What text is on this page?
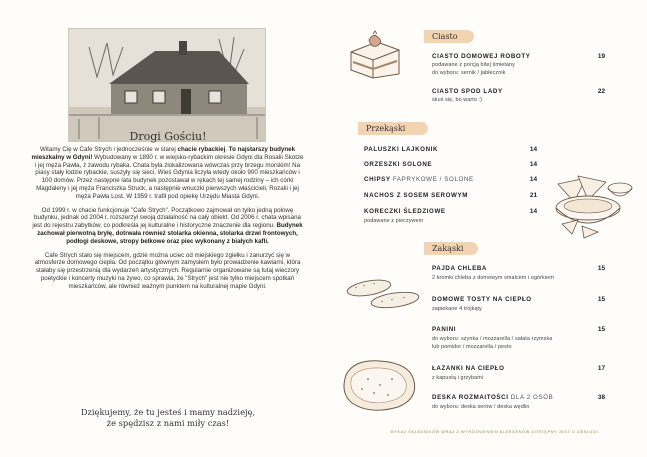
Drogi Gościu!

Witamy Cię w Cafe Strych i jednocześnie w starej chacie rybackiej. To najstarszy budynek mieszkalny w Gdyni! Wybudowany w 1890 r. w wiejsko-rybackim okresie Gdyni dla Rosalii Skotze i jej męża Pawła, z zawodu rybaka. Chata była zlokalizowana wówczas przy brzegu morskim! Na piasy stały łodzie rybackie, suszyły się sieci. Wieś Gdynia liczyła wtedy około 900 mieszkańców i 100 domów. Przez następne lata budynek pozostawał w rękach tej samej rodziny – ich córki Magdaleny i jej męża Franciszka Struck, a następnie wnuczki pierwszych właścicieli, Rozalii i jej męża Pawła Lost. W 1959 r. trafił pod opiekę Urzędu Miasta Gdyni.

Od 1999 r. w chacie funkcjonuje "Cafe Strych". Początkowo zajmował on tylko jedną połowę budynku, jednak od 2004 r. rozszerzył swoją działalność na cały obiekt. Od 2006 r. chata wpisana jest do rejestru zabytków, co podkreśla jej kulturalne i historyczne znaczenie dla regionu. Budynek zachował pierwotną bryłę, dotrwała również stolarka okienna, stolarka drzwi frontowych, podłogi deskowe, stropy belkowe oraz piec wykonany z białych kafli.

Cafe Strych stało się miejscem, gdzie można uciec od miejskiego zgiełku i zanurzyć się w atmosferze domowego ciepła. Od początku głównym zamysłem było prowadzenie kawiarni, która stałaby się przestrzenią dla wydarzeń artystycznych. Regularnie organizowane są tutaj wieczory poetyckie i koncerty muzyki na żywo, co sprawia, że "Strych" jest nie tylko miejscem spotkań mieszkańców, ale również ważnym punktem na kulturalnej mapie Gdyni.

Dziękujemy, że tu jesteś i mamy nadzieję,
że spędzisz z nami miły czas!
Ciasto
CIASTO DOMOWEJ ROBOTY	19
podawane z porcją bitej śmietany
do wyboru: sernik / jabłecznik
CIASTO SPOD LADY	22
skuś się, bo warto :)
Przekąski
PALUSZKI LAJKONIK	14
ORZESZKI SOLONE	14
CHIPSY FAPRYKOWE / SOLONE	14
NACHOS Z SOSEM SEROWYM	21
KORECZKI ŚLEDZIOWE	14
podawane z pieczywem
Zakąski
PAJDA CHLEBA	15
2 kromki chleba z domowym smalcem i ogórkiem
DOMOWE TOSTY NA CIEPŁO	15
zapiekane 4 trójkąty
PANINI	15
do wyboru: szynka / mozzarella / sałata rzymska
lub pomidor / mozzarella / pesto
ŁAZANKI NA CIEPŁO	17
z kapustą i grzybami
DESKA ROZMAITOŚCI DLA 2 OSÓB	38
do wyboru: deska serów / deska wędlin
WYKAZ SKŁADNIKÓW WRAZ Z WYRÓŻNIENIEM ALERGENÓW DOSTĘPNY JEST U OBSŁUGI.
